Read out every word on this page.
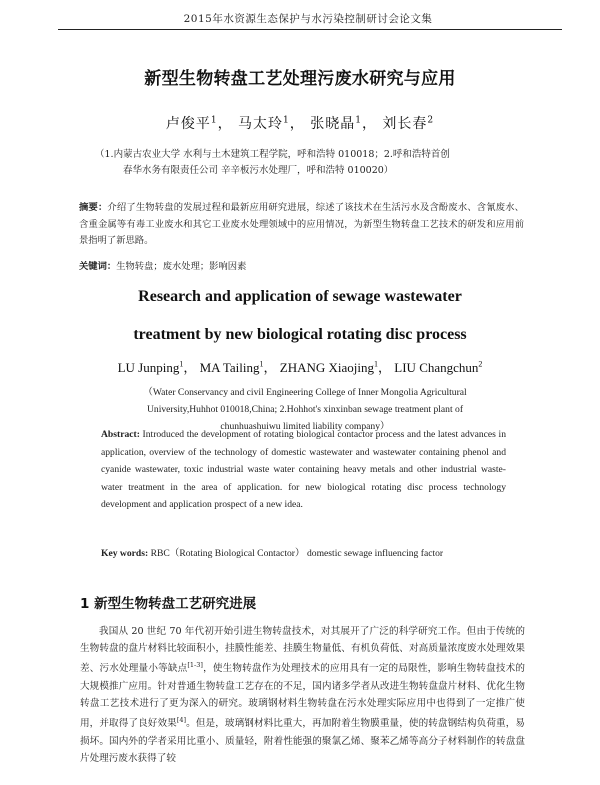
2015年水资源生态保护与水污染控制研讨会论文集
新型生物转盘工艺处理污废水研究与应用
卢俊平$^1$， 马太玲$^1$， 张晓晶$^1$， 刘长春$^2$
（1.内蒙古农业大学 水利与土木建筑工程学院，呼和浩特 010018；2.呼和浩特首创
春华水务有限责任公司 辛辛板污水处理厂，呼和浩特 010020）
摘要：介绍了生物转盘的发展过程和最新应用研究进展，综述了该技术在生活污水及含酚废水、含氰废水、含重金属等有毒工业废水和其它工业废水处理领域中的应用情况，为新型生物转盘工艺技术的研发和应用前景指明了新思路。
关键词：生物转盘；废水处理；影响因素
Research and application of sewage wastewater
treatment by new biological rotating disc process
LU Junping$^1$， MA Tailing$^1$， ZHANG Xiaojing$^1$， LIU Changchun$^2$
（Water Conservancy and civil Engineering College of Inner Mongolia Agricultural
University,Huhhot 010018,China; 2.Hohhot's xinxinban sewage treatment plant of
chunhuashuiwu limited liability company）
Abstract: Introduced the development of rotating biological contactor process and the latest advances in application, overview of the technology of domestic wastewater and wastewater containing phenol and cyanide wastewater, toxic industrial waste water containing heavy metals and other industrial waste-water treatment in the area of application. for new biological rotating disc process technology development and application prospect of a new idea.
Key words: RBC（Rotating Biological Contactor） domestic sewage influencing factor
1 新型生物转盘工艺研究进展
我国从 20 世纪 70 年代初开始引进生物转盘技术，对其展开了广泛的科学研究工作。但由于传统的生物转盘的盘片材料比较面积小，挂膜性能差、挂膜生物量低、有机负荷低、对高质量浓度废水处理效果差、污水处理量小等缺点[1-3]，使生物转盘作为处理技术的应用具有一定的局限性，影响生物转盘技术的大规模推广应用。针对普通生物转盘工艺存在的不足，国内诸多学者从改进生物转盘盘片材料、优化生物转盘工艺技术进行了更为深入的研究。玻璃钢材料生物转盘在污水处理实际应用中也得到了一定推广使用，并取得了良好效果[4]。但是，玻璃钢材料比重大，再加附着生物膜重量，使的转盘钢结构负荷重，易损坏。国内外的学者采用比重小、质量轻，附着性能强的聚氯乙烯、聚苯乙烯等高分子材料制作的转盘盘片处理污废水获得了较
